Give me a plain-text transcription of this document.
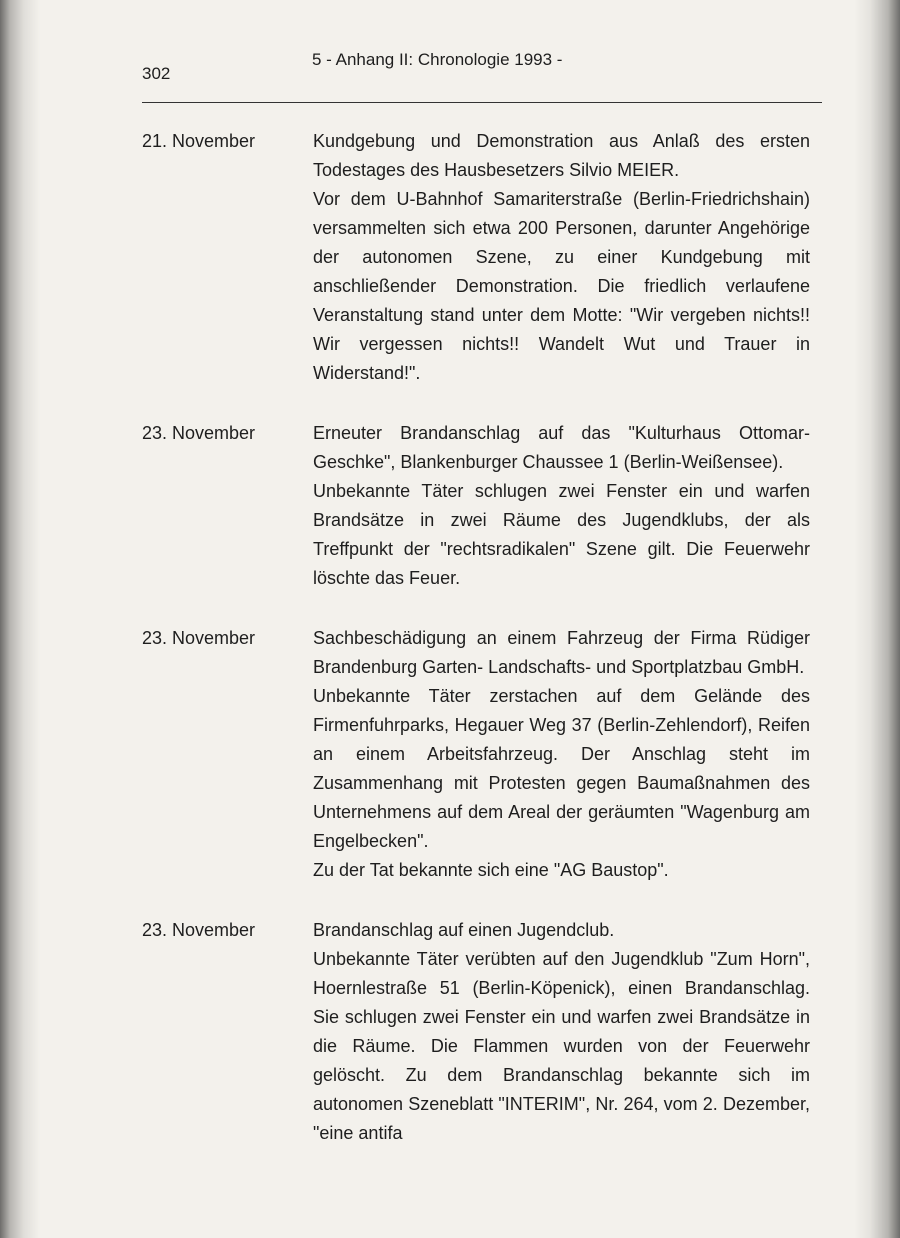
302
5 - Anhang II: Chronologie 1993 -
21. November	Kundgebung und Demonstration aus Anlaß des ersten Todestages des Hausbesetzers Silvio MEIER.

Vor dem U-Bahnhof Samariterstraße (Berlin-Friedrichshain) versammelten sich etwa 200 Personen, darunter Angehörige der autonomen Szene, zu einer Kundgebung mit anschließender Demonstration. Die friedlich verlaufene Veranstaltung stand unter dem Motte: "Wir vergeben nichts!! Wir vergessen nichts!! Wandelt Wut und Trauer in Widerstand!".

23. November	Erneuter Brandanschlag auf das "Kulturhaus Ottomar-Geschke", Blankenburger Chaussee 1 (Berlin-Weißensee).

Unbekannte Täter schlugen zwei Fenster ein und warfen Brandsätze in zwei Räume des Jugendklubs, der als Treffpunkt der "rechtsradikalen" Szene gilt. Die Feuerwehr löschte das Feuer.

23. November	Sachbeschädigung an einem Fahrzeug der Firma Rüdiger Brandenburg Garten- Landschafts- und Sportplatzbau GmbH.

Unbekannte Täter zerstachen auf dem Gelände des Firmenfuhrparks, Hegauer Weg 37 (Berlin-Zehlendorf), Reifen an einem Arbeitsfahrzeug. Der Anschlag steht im Zusammenhang mit Protesten gegen Baumaßnahmen des Unternehmens auf dem Areal der geräumten "Wagenburg am Engelbecken".

Zu der Tat bekannte sich eine "AG Baustop".

23. November	Brandanschlag auf einen Jugendclub.

Unbekannte Täter verübten auf den Jugendklub "Zum Horn", Hoernlestraße 51 (Berlin-Köpenick), einen Brandanschlag. Sie schlugen zwei Fenster ein und warfen zwei Brandsätze in die Räume. Die Flammen wurden von der Feuerwehr gelöscht. Zu dem Brandanschlag bekannte sich im autonomen Szeneblatt "INTERIM", Nr. 264, vom 2. Dezember, "eine antifa
